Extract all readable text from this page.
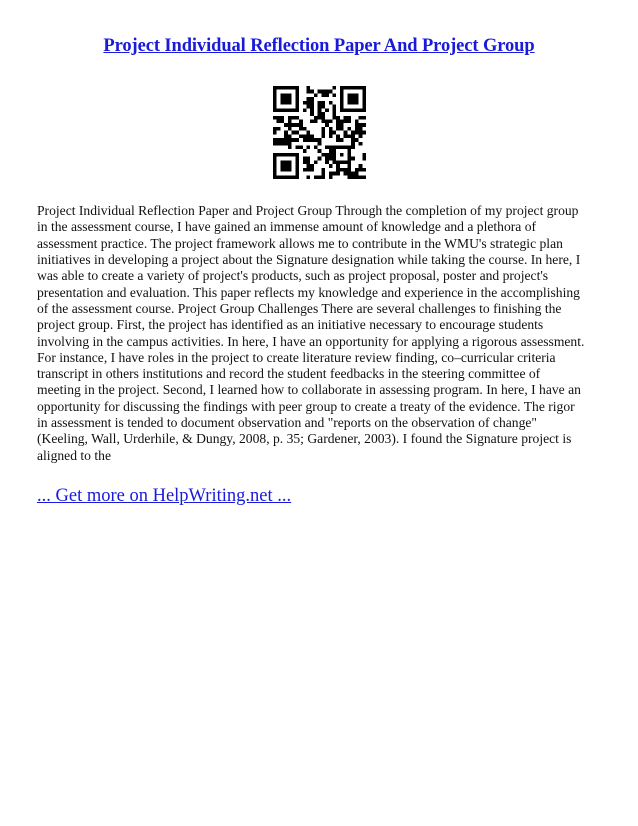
Project Individual Reflection Paper And Project Group
Project Individual Reflection Paper and Project Group Through the completion of my project group
in the assessment course, I have gained an immense amount of knowledge and a plethora of
assessment practice. The project framework allows me to contribute in the WMU's strategic plan
initiatives in developing a project about the Signature designation while taking the course. In here, I
was able to create a variety of project's products, such as project proposal, poster and project's
presentation and evaluation. This paper reflects my knowledge and experience in the accomplishing
of the assessment course. Project Group Challenges There are several challenges to finishing the
project group. First, the project has identified as an initiative necessary to encourage students
involving in the campus activities. In here, I have an opportunity for applying a rigorous assessment.
For instance, I have roles in the project to create literature review finding, co–curricular criteria
transcript in others institutions and record the student feedbacks in the steering committee of
meeting in the project. Second, I learned how to collaborate in assessing program. In here, I have an
opportunity for discussing the findings with peer group to create a treaty of the evidence. The rigor
in assessment is tended to document observation and "reports on the observation of change"
(Keeling, Wall, Urderhile, & Dungy, 2008, p. 35; Gardener, 2003). I found the Signature project is
aligned to the
... Get more on HelpWriting.net ...
